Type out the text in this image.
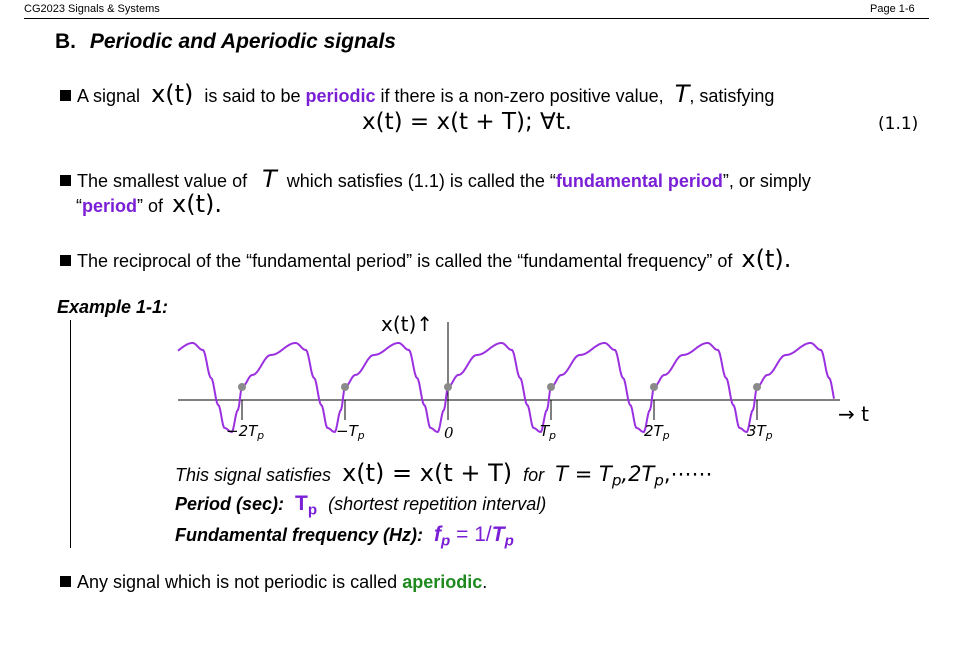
CG2023 Signals & Systems	Page 1-6
B. Periodic and Aperiodic signals
A signal x(t) is said to be periodic if there is a non-zero positive value, T, satisfying
x(t) = x(t + T); ∀t.	(1.1)
The smallest value of T which satisfies (1.1) is called the “fundamental period”, or simply
“period” of x(t).
The reciprocal of the “fundamental period” is called the “fundamental frequency” of x(t).
Example 1-1:
x(t)↑
→ t
$-2T_p$	$-T_p$	0	$T_p$	$2T_p$	$3T_p$
This signal satisfies x(t) = x(t + T) for $T = T_p,2T_p,\cdots\cdots$
Period (sec): $T_p$ (shortest repetition interval)
Fundamental frequency (Hz): $f_p = 1/T_p$
Any signal which is not periodic is called aperiodic.
